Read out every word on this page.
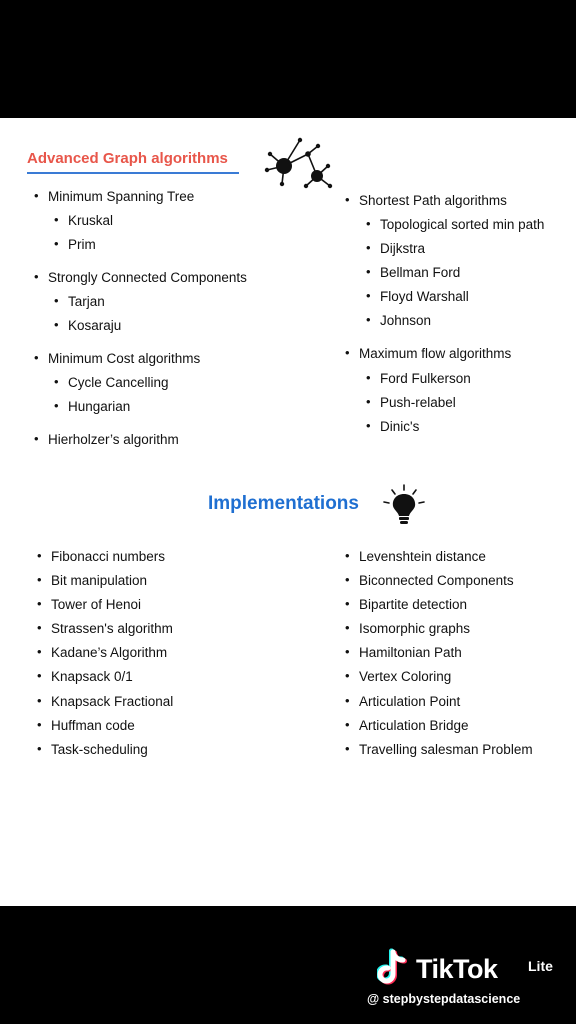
Advanced Graph algorithms
• Minimum Spanning Tree
• Kruskal
• Prim
• Strongly Connected Components
• Tarjan
• Kosaraju
• Minimum Cost algorithms
• Cycle Cancelling
• Hungarian
• Hierholzer’s algorithm
• Shortest Path algorithms
• Topological sorted min path
• Dijkstra
• Bellman Ford
• Floyd Warshall
• Johnson
• Maximum flow algorithms
• Ford Fulkerson
• Push-relabel
• Dinic's
Implementations
• Fibonacci numbers
• Bit manipulation
• Tower of Henoi
• Strassen's algorithm
• Kadane’s Algorithm
• Knapsack 0/1
• Knapsack Fractional
• Huffman code
• Task-scheduling
• Levenshtein distance
• Biconnected Components
• Bipartite detection
• Isomorphic graphs
• Hamiltonian Path
• Vertex Coloring
• Articulation Point
• Articulation Bridge
• Travelling salesman Problem
TikTok Lite
@ stepbystepdatascience
